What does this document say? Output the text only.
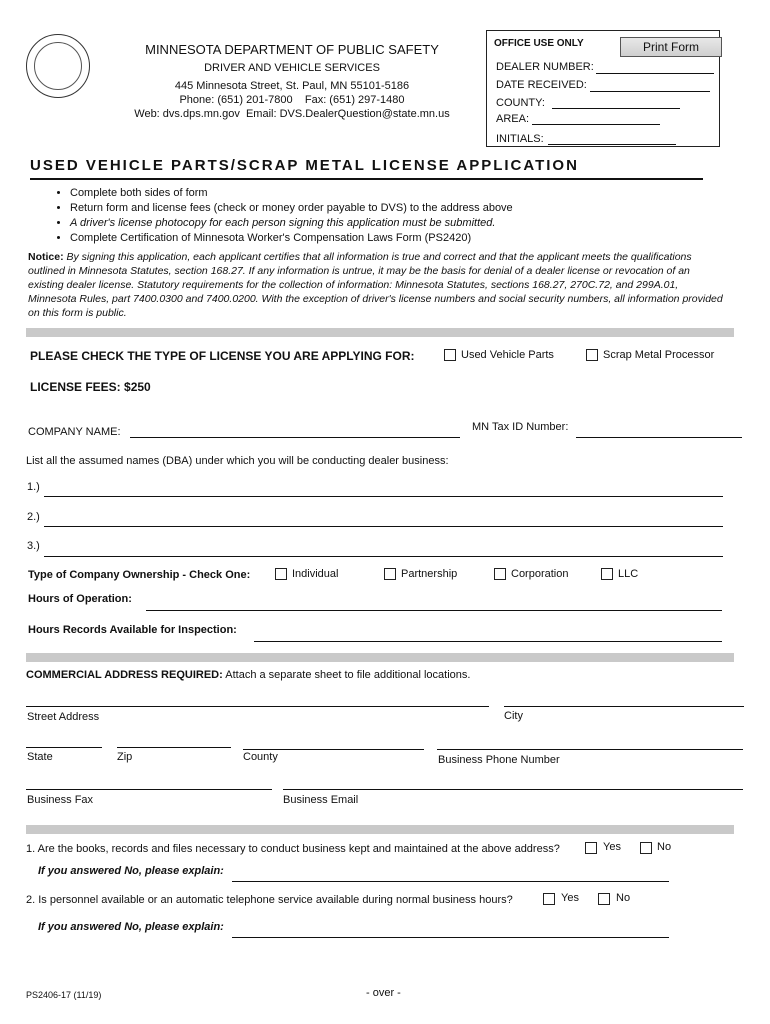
MINNESOTA DEPARTMENT OF PUBLIC SAFETY
DRIVER AND VEHICLE SERVICES
445 Minnesota Street, St. Paul, MN 55101-5186
Phone: (651) 201-7800 Fax: (651) 297-1480
Web: dvs.dps.mn.gov Email: DVS.DealerQuestion@state.mn.us
OFFICE USE ONLY	Print Form
DEALER NUMBER:
DATE RECEIVED:
COUNTY:
AREA:
INITIALS:
USED VEHICLE PARTS/SCRAP METAL LICENSE APPLICATION
• Complete both sides of form
• Return form and license fees (check or money order payable to DVS) to the address above
• A driver's license photocopy for each person signing this application must be submitted.
• Complete Certification of Minnesota Worker's Compensation Laws Form (PS2420)
Notice: By signing this application, each applicant certifies that all information is true and correct and that the applicant meets the qualifications outlined in Minnesota Statutes, section 168.27. If any information is untrue, it may be the basis for denial of a dealer license or revocation of an existing dealer license. Statutory requirements for the collection of information: Minnesota Statutes, sections 168.27, 270C.72, and 299A.01, Minnesota Rules, part 7400.0300 and 7400.0200. With the exception of driver's license numbers and social security numbers, all information provided on this form is public.
PLEASE CHECK THE TYPE OF LICENSE YOU ARE APPLYING FOR:	Used Vehicle Parts	Scrap Metal Processor
LICENSE FEES: $250
COMPANY NAME:	MN Tax ID Number:
List all the assumed names (DBA) under which you will be conducting dealer business:
1.)
2.)
3.)
Type of Company Ownership - Check One:	Individual	Partnership	Corporation	LLC
Hours of Operation:
Hours Records Available for Inspection:
COMMERCIAL ADDRESS REQUIRED: Attach a separate sheet to file additional locations.
Street Address	City
State	Zip	County	Business Phone Number
Business Fax	Business Email
1. Are the books, records and files necessary to conduct business kept and maintained at the above address?	Yes	No
If you answered No, please explain:
2. Is personnel available or an automatic telephone service available during normal business hours?	Yes	No
If you answered No, please explain:
PS2406-17 (11/19)	- over -
